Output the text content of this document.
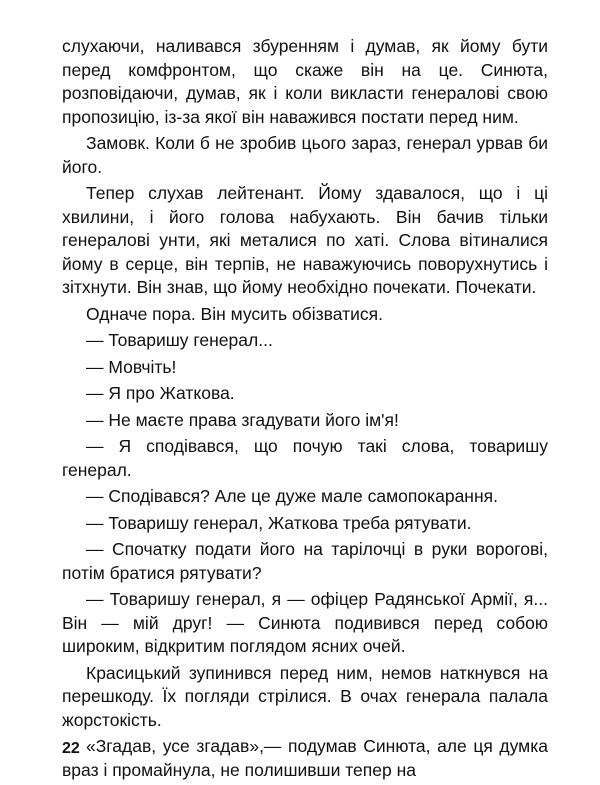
слухаючи, наливався збуренням і думав, як йому бути перед комфронтом, що скаже він на це. Синюта, розповідаючи, думав, як і коли викласти генералові свою пропозицію, із-за якої він наважився постати перед ним.

Замовк. Коли б не зробив цього зараз, генерал урвав би його.

Тепер слухав лейтенант. Йому здавалося, що і ці хвилини, і його голова набухають. Він бачив тільки генералові унти, які металися по хаті. Слова вітиналися йому в серце, він терпів, не наважуючись поворухнутись і зітхнути. Він знав, що йому необхідно почекати. Почекати.

Одначе пора. Він мусить обізватися.

— Товаришу генерал...

— Мовчіть!

— Я про Жаткова.

— Не маєте права згадувати його ім'я!

— Я сподівався, що почую такі слова, товаришу генерал.

— Сподівався? Але це дуже мале самопокарання.

— Товаришу генерал, Жаткова треба рятувати.

— Спочатку подати його на тарілочці в руки ворогові, потім братися рятувати?

— Товаришу генерал, я — офіцер Радянської Армії, я... Він — мій друг! — Синюта подивився перед собою широким, відкритим поглядом ясних очей.

Красицький зупинився перед ним, немов наткнувся на перешкоду. Їх погляди стрілися. В очах генерала палала жорстокість.

«Згадав, усе згадав»,— подумав Синюта, але ця думка враз і промайнула, не полишивши тепер на

22
